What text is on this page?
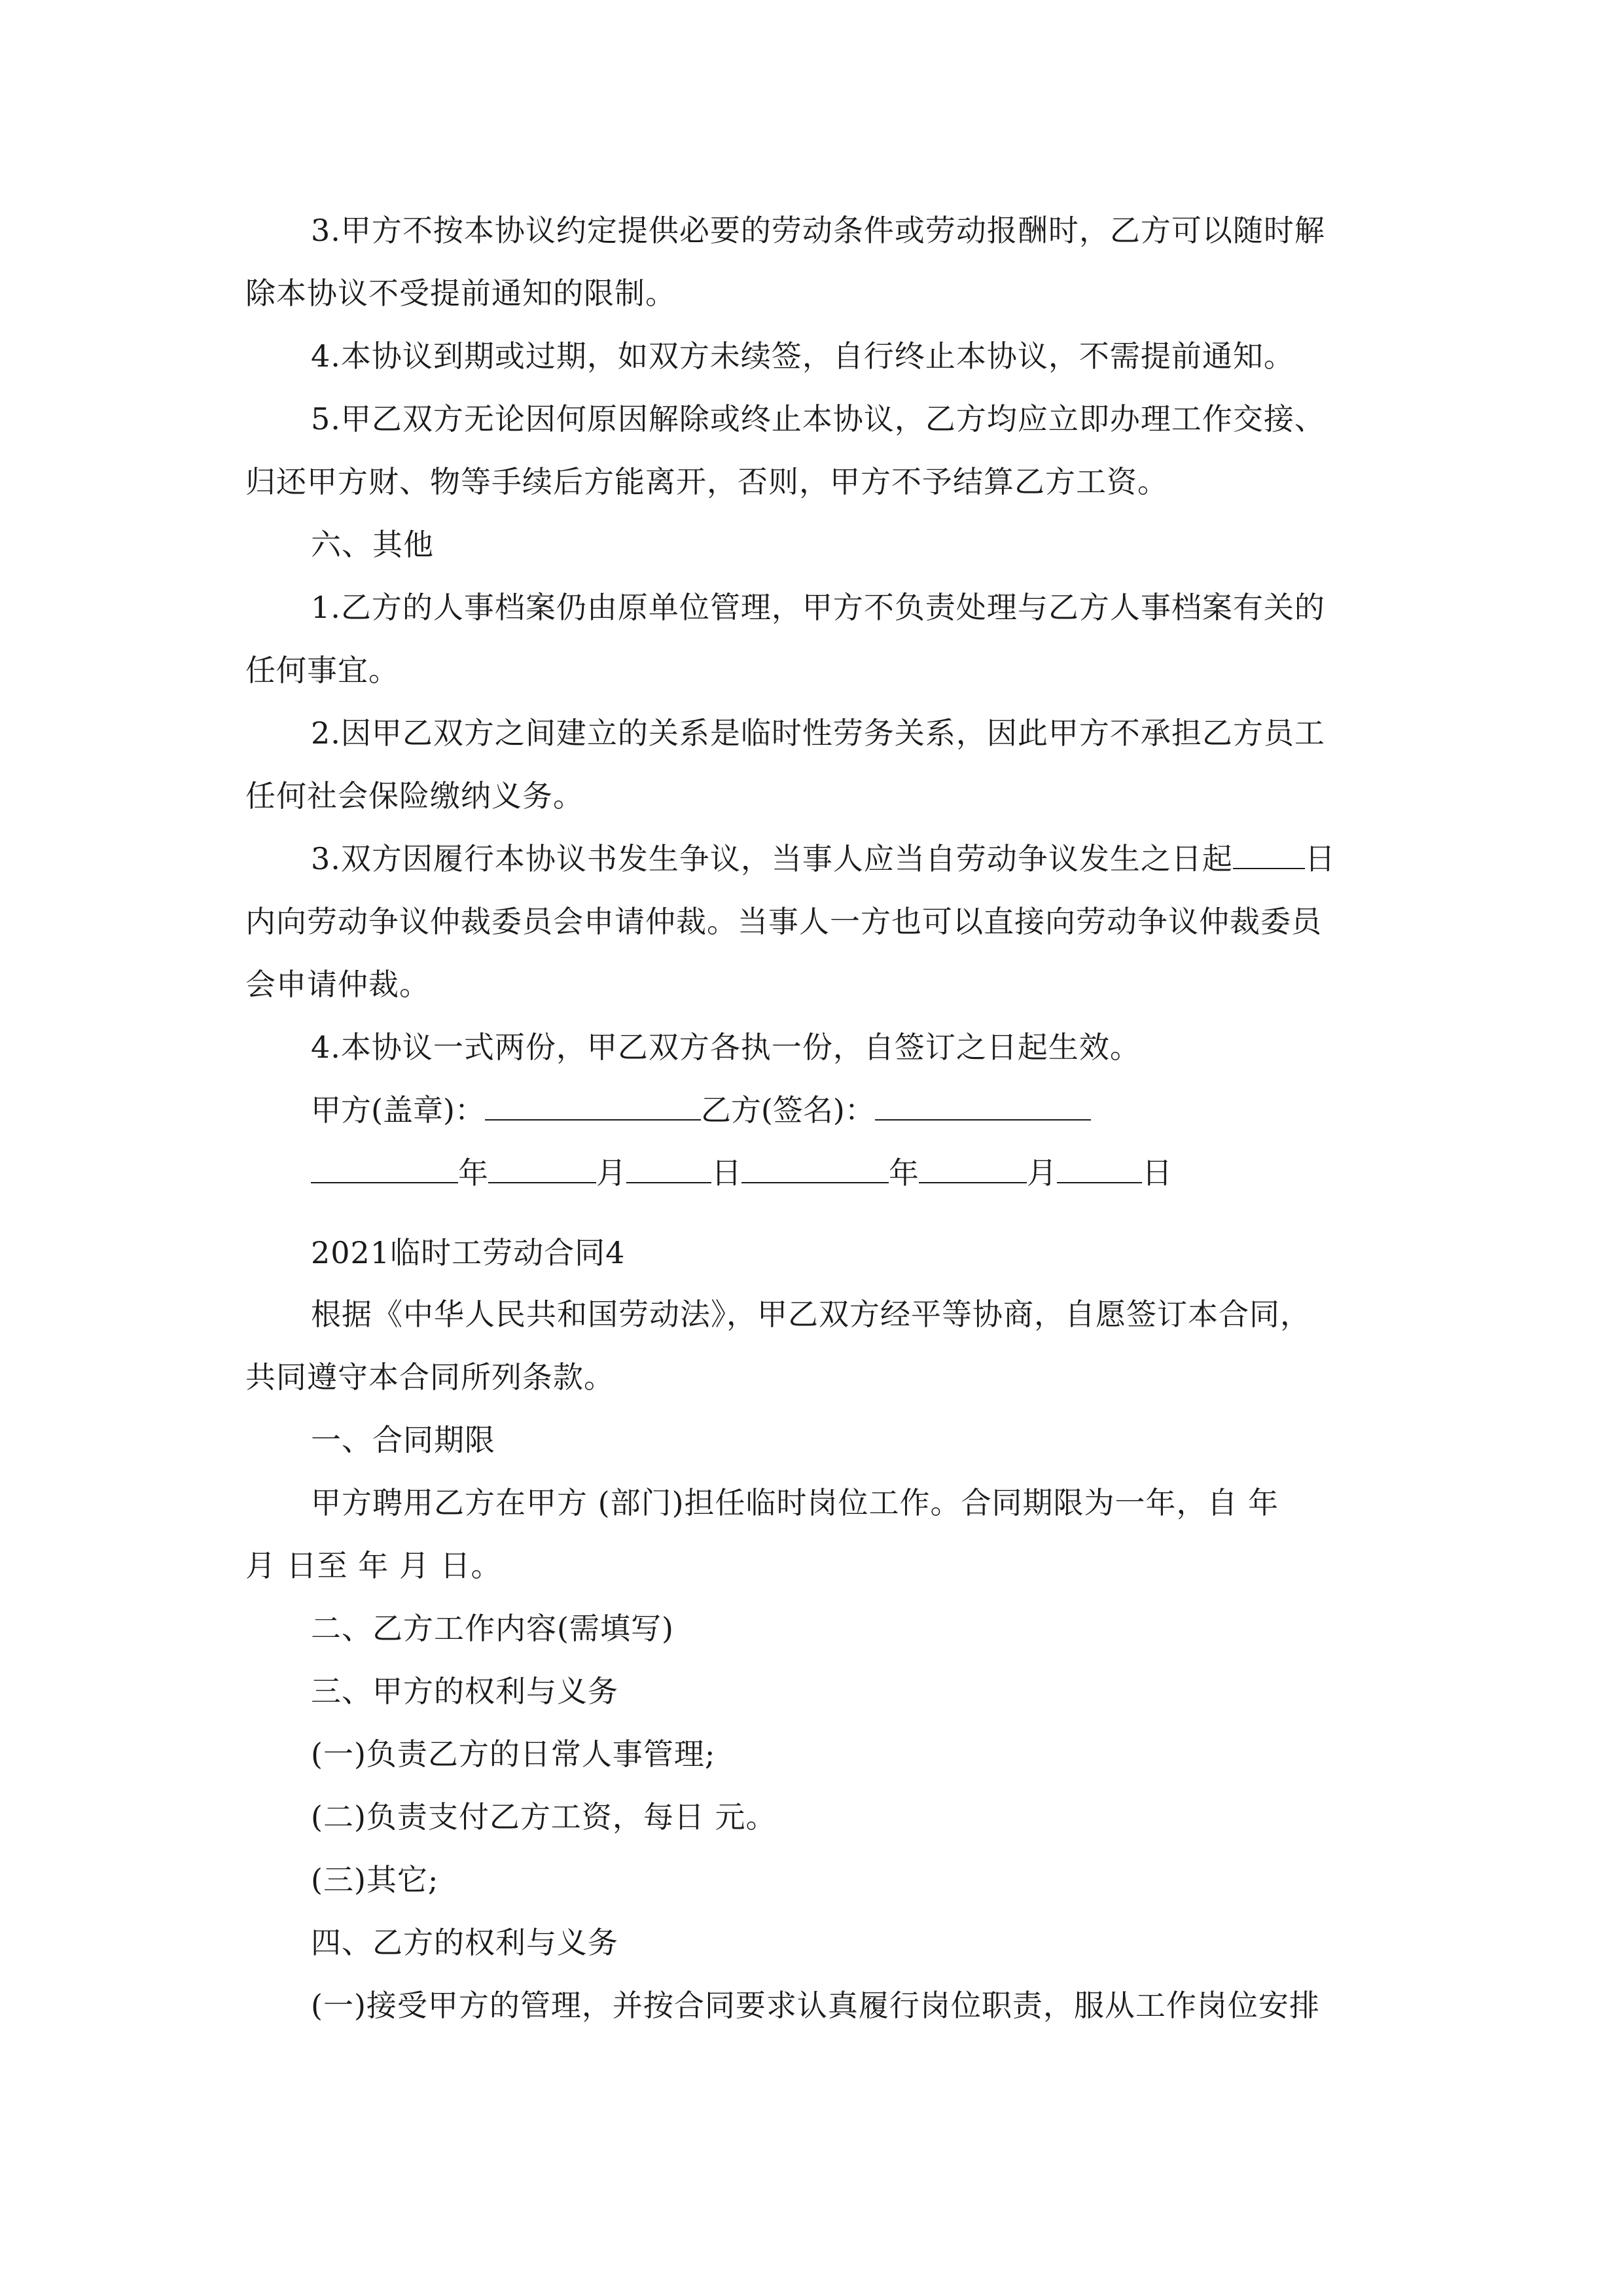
3.甲方不按本协议约定提供必要的劳动条件或劳动报酬时，乙方可以随时解
除本协议不受提前通知的限制。
4.本协议到期或过期，如双方未续签，自行终止本协议，不需提前通知。
5.甲乙双方无论因何原因解除或终止本协议，乙方均应立即办理工作交接、
归还甲方财、物等手续后方能离开，否则，甲方不予结算乙方工资。
六、其他
1.乙方的人事档案仍由原单位管理，甲方不负责处理与乙方人事档案有关的
任何事宜。
2.因甲乙双方之间建立的关系是临时性劳务关系，因此甲方不承担乙方员工
任何社会保险缴纳义务。
3.双方因履行本协议书发生争议，当事人应当自劳动争议发生之日起 日
内向劳动争议仲裁委员会申请仲裁。当事人一方也可以直接向劳动争议仲裁委员
会申请仲裁。
4.本协议一式两份，甲乙双方各执一份，自签订之日起生效。
甲方(盖章)：	乙方(签名)：
年	月	日	年	月	日
2021临时工劳动合同4
根据《中华人民共和国劳动法》，甲乙双方经平等协商，自愿签订本合同，
共同遵守本合同所列条款。
一、合同期限
甲方聘用乙方在甲方 (部门)担任临时岗位工作。合同期限为一年，自 年
月 日至 年 月 日。
二、乙方工作内容(需填写)
三、甲方的权利与义务
(一)负责乙方的日常人事管理;
(二)负责支付乙方工资，每日 元。
(三)其它;
四、乙方的权利与义务
(一)接受甲方的管理，并按合同要求认真履行岗位职责，服从工作岗位安排
